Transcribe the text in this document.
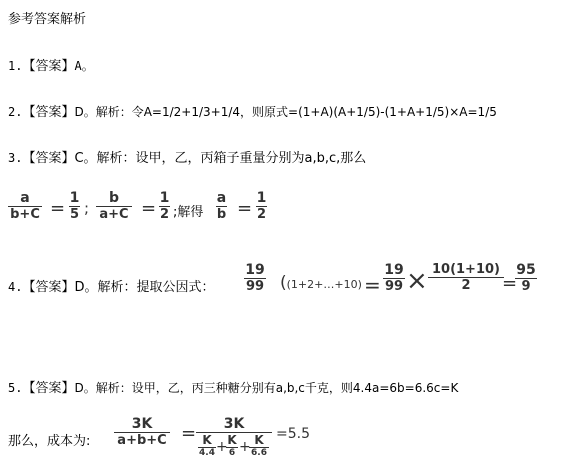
参考答案解析
1.【答案】A。
2.【答案】D。解析：令A=1/2+1/3+1/4，则原式=(1+A)(A+1/5)-(1+A+1/5)×A=1/5
3.【答案】C。解析：设甲，乙，丙箱子重量分别为a,b,c,那么
a
b+C = 1
5 ;
b
a+C = 1
2 ;解得
a
b = 1
2
4.【答案】D。解析：提取公因式：
19
99 ((1+2+…+10) =
19
99 × 10(1+10)
2	=
95
9
5.【答案】D。解析：设甲，乙，丙三种糖分别有a,b,c千克，则4.4a=6b=6.6c=K
那么，成本为:
3K
a+b+C =	3K
K
4.4 + K
6 + K
6.6
=5.5
